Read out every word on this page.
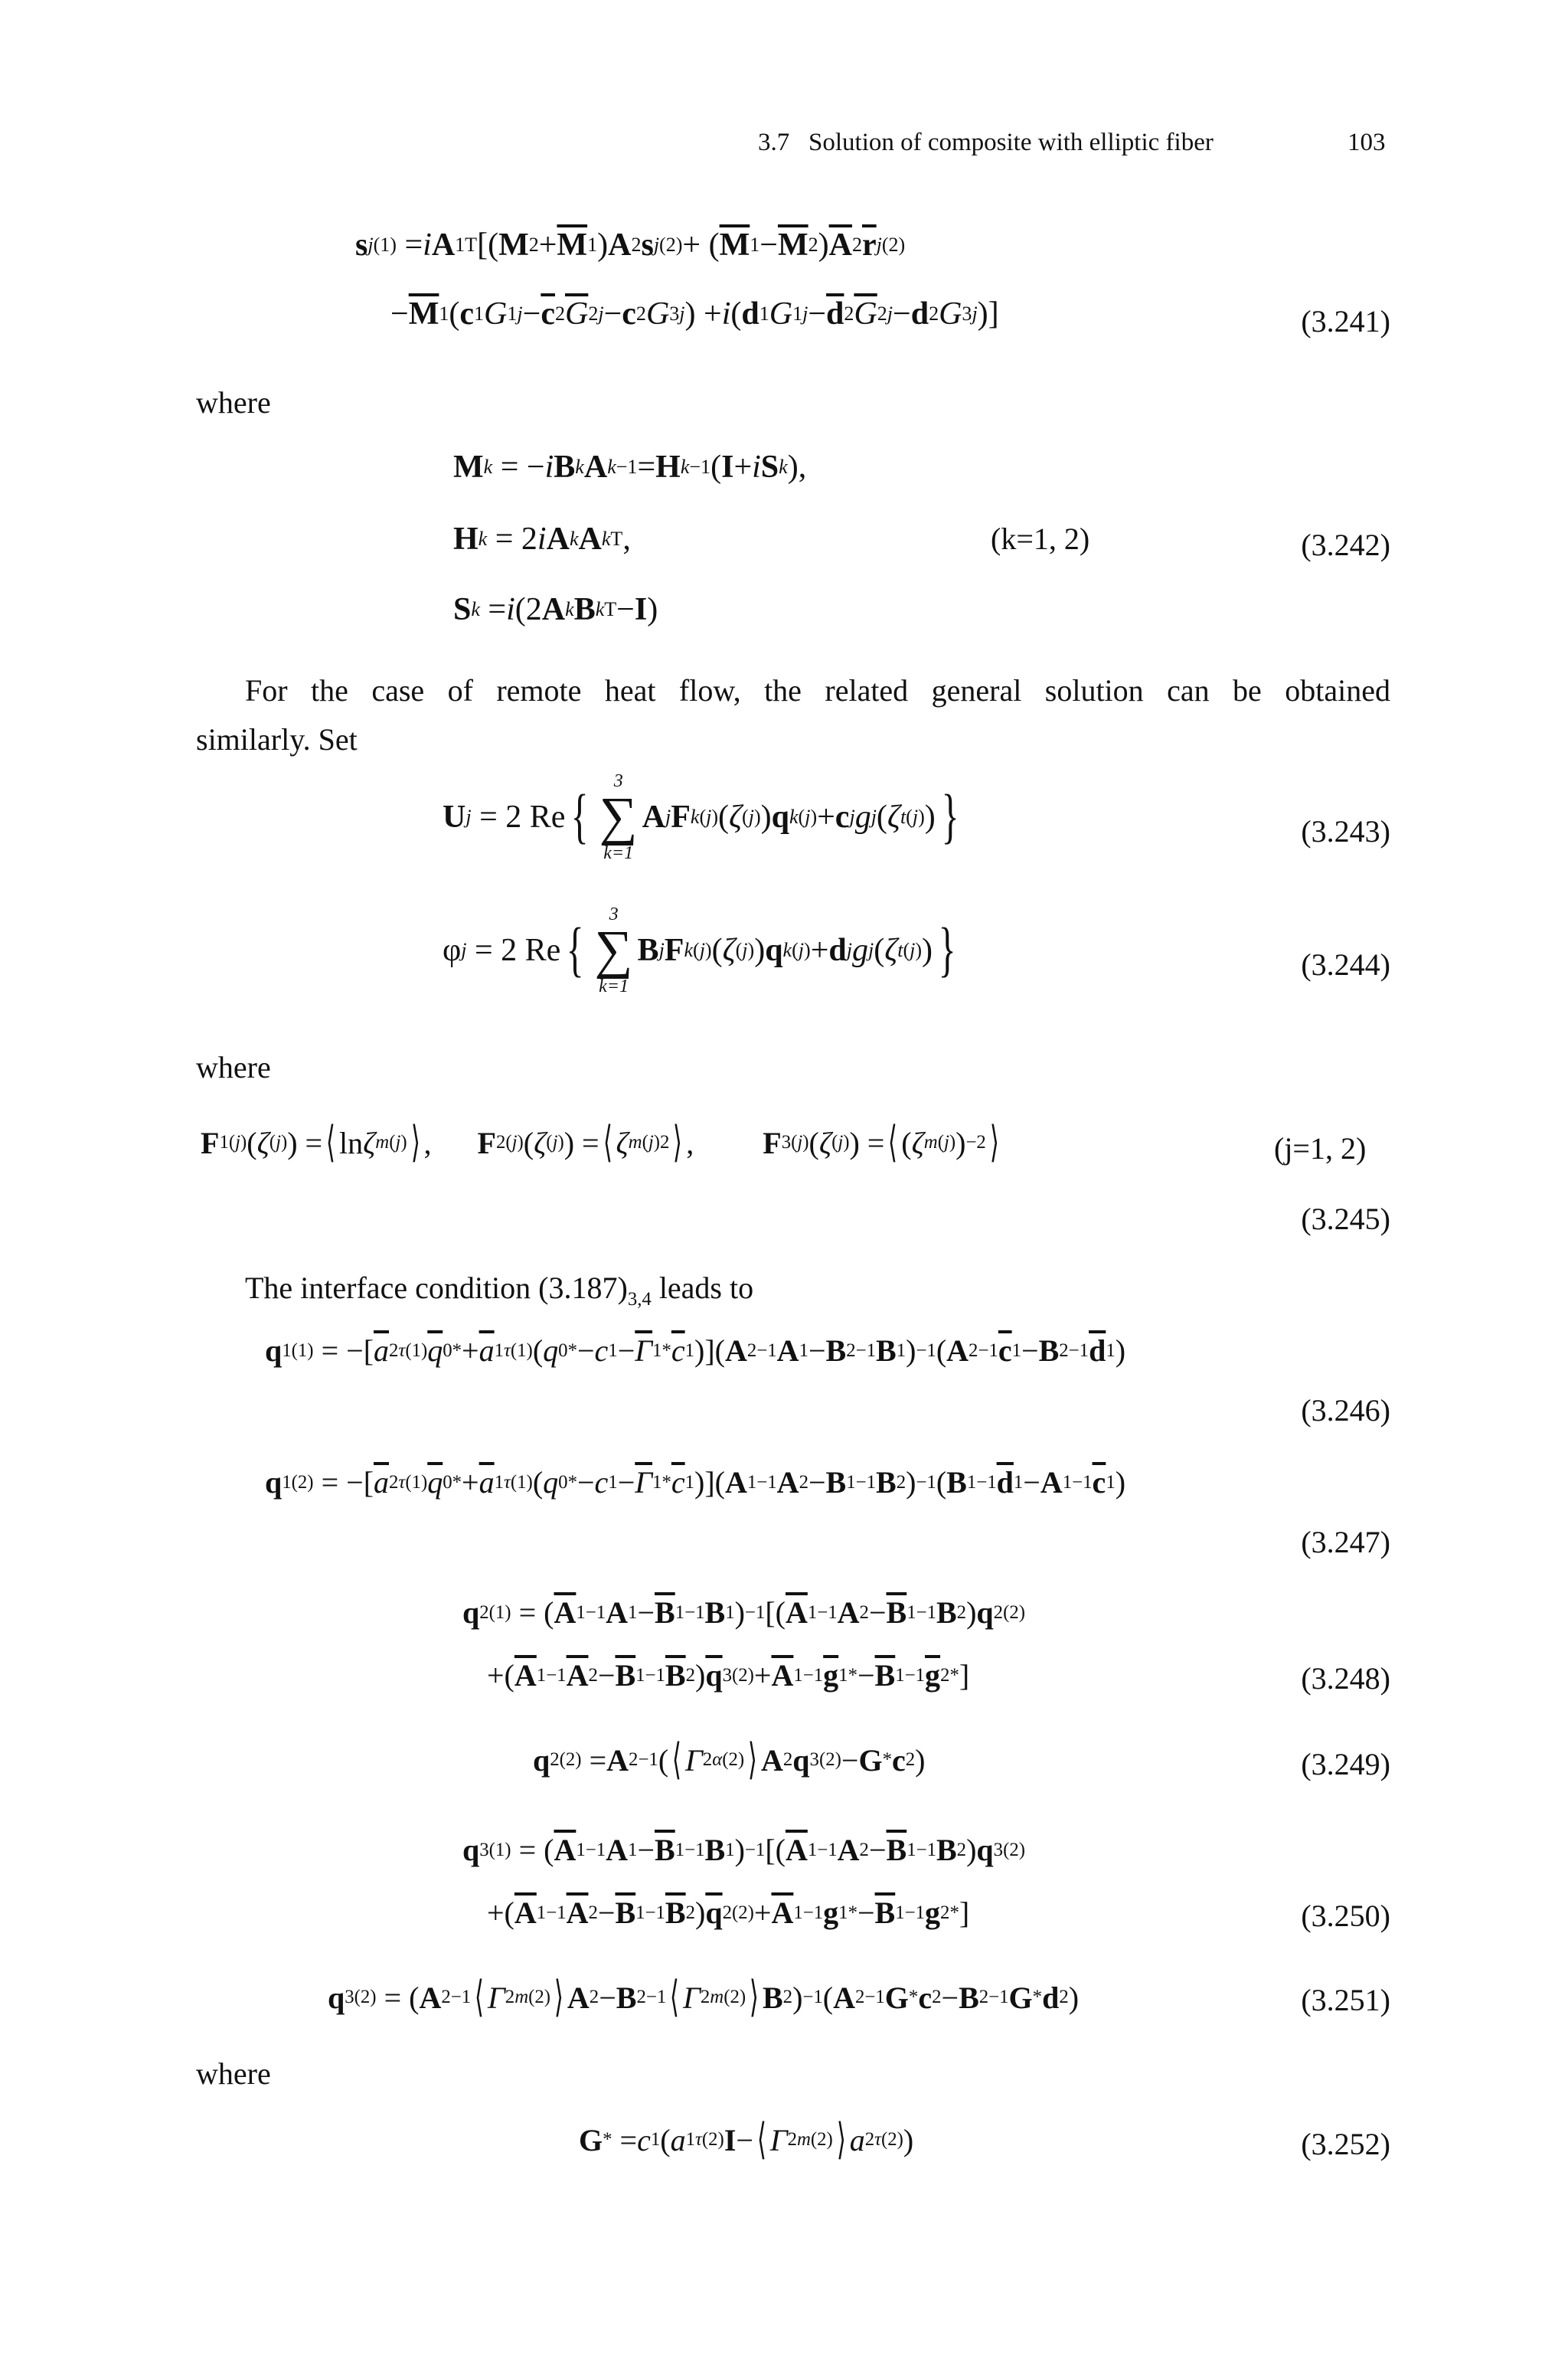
3.7 Solution of composite with elliptic fiber	103
s j (1) = i A 1 T [( M $2 + \overline{M}$ 1 ) A 2 s j (2) + ( $\overline{M}$ $1 - \overline{M}$ 2 ) $\overline{A}$ 2 $\overline{r}$ j (2)
− $\overline{M}$ 1 ( c 1 G $1j - \overline{c}$ 2 $\overline{G}$ 2j − c 2 G 3j ) + i ( d 1 G $1j - \overline{d}$ 2 $\overline{G}$ 2j − d 2 G 3j )]	(3.241)
where
M k = − i B k A k −1 = H k −1 ( I + i S k ),
H k = 2 i A k A k T ,	(k=1, 2)	(3.242)
S k = i (2 A k B k T − I )
For the case of remote heat flow, the related general solution can be obtained
similarly. Set
U j = 2 Re {
3
∑
k=1
A j F k (j) ( ζ (j) ) q k (j) + c j g j ( ζ t (j) ) }	(3.243)
φ j = 2 Re {
3
∑
k=1
B j F k (j) ( ζ (j) ) q k (j) + d j g j ( ζ t (j) ) }	(3.244)
where
F 1 (j) ( ζ (j) ) = ⟨ ln ζ m (j) ⟩ , F 2 (j) ( ζ (j) ) = ⟨ ζ m (j)2 ⟩ , F 3 (j) ( ζ (j) ) = ⟨ ( ζ m (j) ) −2 ⟩	(j=1, 2)
(3.245)
The interface condition $(3.187)_{3,4}$ leads to
q 1 (1) = −[ $\overline{a}$ 2τ (1) $\overline{q}$ 0 * + $\overline{a}$ 1τ (1) ( q 0 * − c $1 - \overline{\Gamma}$ $1 * \overline{c}$ 1 )]( A 2 −1 A 1 − B 2 −1 B 1 ) −1 ( A 2 −1 $\overline{c}$ 1 − B 2 −1 $\overline{d}$ 1 )
(3.246)
q 1 (2) = −[ $\overline{a}$ 2τ (1) $\overline{q}$ 0 * + $\overline{a}$ 1τ (1) ( q 0 * − c $1 - \overline{\Gamma}$ $1 * \overline{c}$ 1 )]( A 1 −1 A 2 − B 1 −1 B 2 ) −1 ( B 1 −1 $\overline{d}$ 1 − A 1 −1 $\overline{c}$ 1 )
(3.247)
q 2 (1) = ( $\overline{A}$ 1 −1 A $1 - \overline{B}$ 1 −1 B 1 ) −1 [( $\overline{A}$ 1 −1 A $2 - \overline{B}$ 1 −1 B 2 ) q 2 (2)
+( $\overline{A}$ 1 −1 $\overline{A}$ $2 - \overline{B}$ 1 −1 $\overline{B}$ 2 ) $\overline{q}$ 3 $(2) + \overline{A}$ 1 −1 $\overline{g}$ 1 * − $\overline{B}$ 1 −1 $\overline{g}$ 2 * ]	(3.248)
q 2 (2) = A 2 −1 ( ⟨ Γ 2α (2) ⟩ A 2 q 3 (2) − G * c 2 )	(3.249)
q 3 (1) = ( $\overline{A}$ 1 −1 A $1 - \overline{B}$ 1 −1 B 1 ) −1 [( $\overline{A}$ 1 −1 A $2 - \overline{B}$ 1 −1 B 2 ) q 3 (2)
+( $\overline{A}$ 1 −1 $\overline{A}$ $2 - \overline{B}$ 1 −1 $\overline{B}$ 2 ) $\overline{q}$ 2 $(2) + \overline{A}$ 1 −1 g 1 * − $\overline{B}$ 1 −1 g 2 * ]	(3.250)
q 3 (2) = ( A 2 −1 ⟨ Γ 2m (2) ⟩ A 2 − B 2 −1 ⟨ Γ 2m (2) ⟩ B 2 ) −1 ( A 2 −1 G * c 2 − B 2 −1 G * d 2 )	(3.251)
where
G * = c 1 ( a 1τ (2) I − ⟨ Γ 2m (2) ⟩ a 2τ (2) )	(3.252)
